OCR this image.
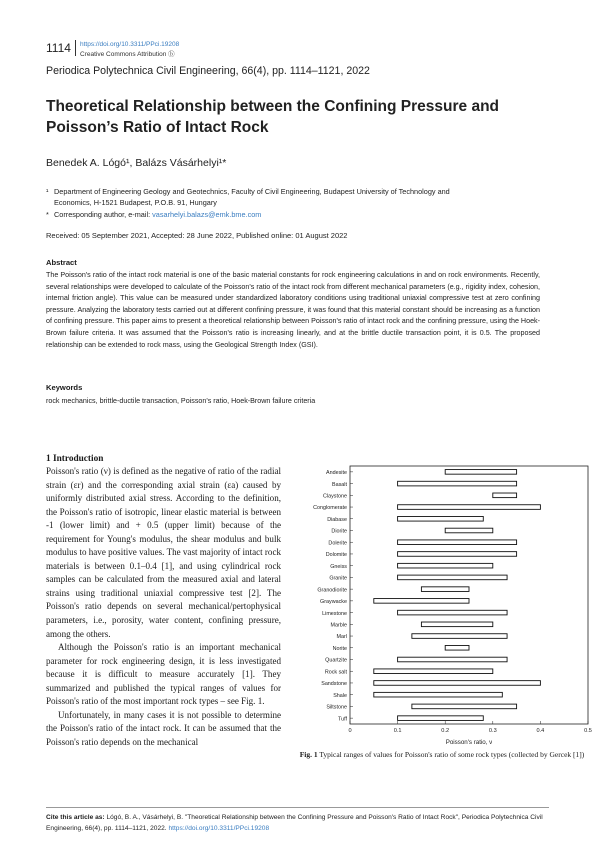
1114 https://doi.org/10.3311/PPci.19208
Creative Commons Attribution ⓑ
Periodica Polytechnica Civil Engineering, 66(4), pp. 1114–1121, 2022
Theoretical Relationship between the Confining Pressure and Poisson’s Ratio of Intact Rock
Benedek A. Lógó¹, Balázs Vásárhelyi¹*
¹ Department of Engineering Geology and Geotechnics, Faculty of Civil Engineering, Budapest University of Technology and
Economics, H-1521 Budapest, P.O.B. 91, Hungary
* Corresponding author, e-mail: vasarhelyi.balazs@emk.bme.com
Received: 05 September 2021, Accepted: 28 June 2022, Published online: 01 August 2022
Abstract
The Poisson's ratio of the intact rock material is one of the basic material constants for rock engineering calculations in and on rock environments. Recently, several relationships were developed to calculate of the Poisson's ratio of the intact rock from different mechanical parameters (e.g., rigidity index, cohesion, internal friction angle). This value can be measured under standardized laboratory conditions using traditional uniaxial compressive test at zero confining pressure. Analyzing the laboratory tests carried out at different confining pressure, it was found that this material constant should be increasing as a function of confining pressure. This paper aims to present a theoretical relationship between Poisson's ratio of intact rock and the confining pressure, using the Hoek-Brown failure criteria. It was assumed that the Poisson's ratio is increasing linearly, and at the brittle ductile transaction point, it is 0.5. The proposed relationship can be extended to rock mass, using the Geological Strength Index (GSI).
Keywords
rock mechanics, brittle-ductile transaction, Poisson's ratio, Hoek-Brown failure criteria
1 Introduction

Poisson's ratio (ν) is defined as the negative of ratio of the radial strain (εr) and the corresponding axial strain (εa) caused by uniformly distributed axial stress. According to the definition, the Poisson's ratio of isotropic, linear elastic material is between -1 (lower limit) and + 0.5 (upper limit) because of the requirement for Young's modulus, the shear modulus and bulk modulus to have positive values. The vast majority of intact rock materials is between 0.1–0.4 [1], and using cylindrical rock samples can be calculated from the measured axial and lateral strains using traditional uniaxial compressive test [2]. The Poisson's ratio depends on several mechanical/pertophysical parameters, i.e., porosity, water content, confining pressure, among the others.

Although the Poisson's ratio is an important mechanical parameter for rock engineering design, it is less investigated because it is difficult to measure accurately [1]. They summarized and published the typical ranges of values for Poisson's ratio of the most important rock types – see Fig. 1.

Unfortunately, in many cases it is not possible to determine the Poisson's ratio of the intact rock. It can be assumed that the Poisson's ratio depends on the mechanical

Andesite
Basalt
Claystone
Conglomerate
Diabase
Diorite
Dolerite
Dolomite
Gneiss
Granite
Granodiorite
Graywacke
Limestone
Marble
Marl
Norite
Quartzite
Rock salt
Sandstone
Shale
Siltstone
Tuff
0	0.1	0.2	0.3	0.4	0.5
Poisson's ratio, ν
Fig. 1 Typical ranges of values for Poisson's ratio of some rock types (collected by Gercek [1])
Cite this article as: Lógó, B. A., Vásárhelyi, B. "Theoretical Relationship between the Confining Pressure and Poisson's Ratio of Intact Rock", Periodica Polytechnica Civil Engineering, 66(4), pp. 1114–1121, 2022. https://doi.org/10.3311/PPci.19208
